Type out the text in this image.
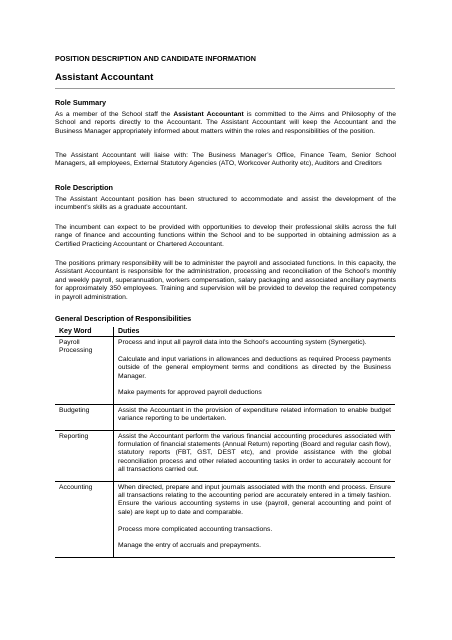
POSITION DESCRIPTION AND CANDIDATE INFORMATION
Assistant Accountant
Role Summary

As a member of the School staff the Assistant Accountant is committed to the Aims and Philosophy of the School and reports directly to the Accountant. The Assistant Accountant will keep the Accountant and the Business Manager appropriately informed about matters within the roles and responsibilities of the position.

The Assistant Accountant will liaise with: The Business Manager’s Office, Finance Team, Senior School Managers, all employees, External Statutory Agencies (ATO, Workcover Authority etc), Auditors and Creditors

Role Description

The Assistant Accountant position has been structured to accommodate and assist the development of the incumbent’s skills as a graduate accountant.

The incumbent can expect to be provided with opportunities to develop their professional skills across the full range of finance and accounting functions within the School and to be supported in obtaining admission as a Certified Practicing Accountant or Chartered Accountant.

The positions primary responsibility will be to administer the payroll and associated functions. In this capacity, the Assistant Accountant is responsible for the administration, processing and reconciliation of the School’s monthly and weekly payroll, superannuation, workers compensation, salary packaging and associated ancillary payments for approximately 350 employees. Training and supervision will be provided to develop the required competency in payroll administration.

General Description of Responsibilities
Key Word	Duties
Payroll Processing	Process and input all payroll data into the School’s accounting system (Synergetic).

Calculate and input variations in allowances and deductions as required Process payments outside of the general employment terms and conditions as directed by the Business Manager.

Make payments for approved payroll deductions

Budgeting	Assist the Accountant in the provision of expenditure related information to enable budget variance reporting to be undertaken.

Reporting	Assist the Accountant perform the various financial accounting procedures associated with formulation of financial statements (Annual Return) reporting (Board and regular cash flow), statutory reports (FBT, GST, DEST etc), and provide assistance with the global reconciliation process and other related accounting tasks in order to accurately account for all transactions carried out.

Accounting	When directed, prepare and input journals associated with the month end process. Ensure all transactions relating to the accounting period are accurately entered in a timely fashion. Ensure the various accounting systems in use (payroll, general accounting and point of sale) are kept up to date and comparable.

Process more complicated accounting transactions.

Manage the entry of accruals and prepayments.
